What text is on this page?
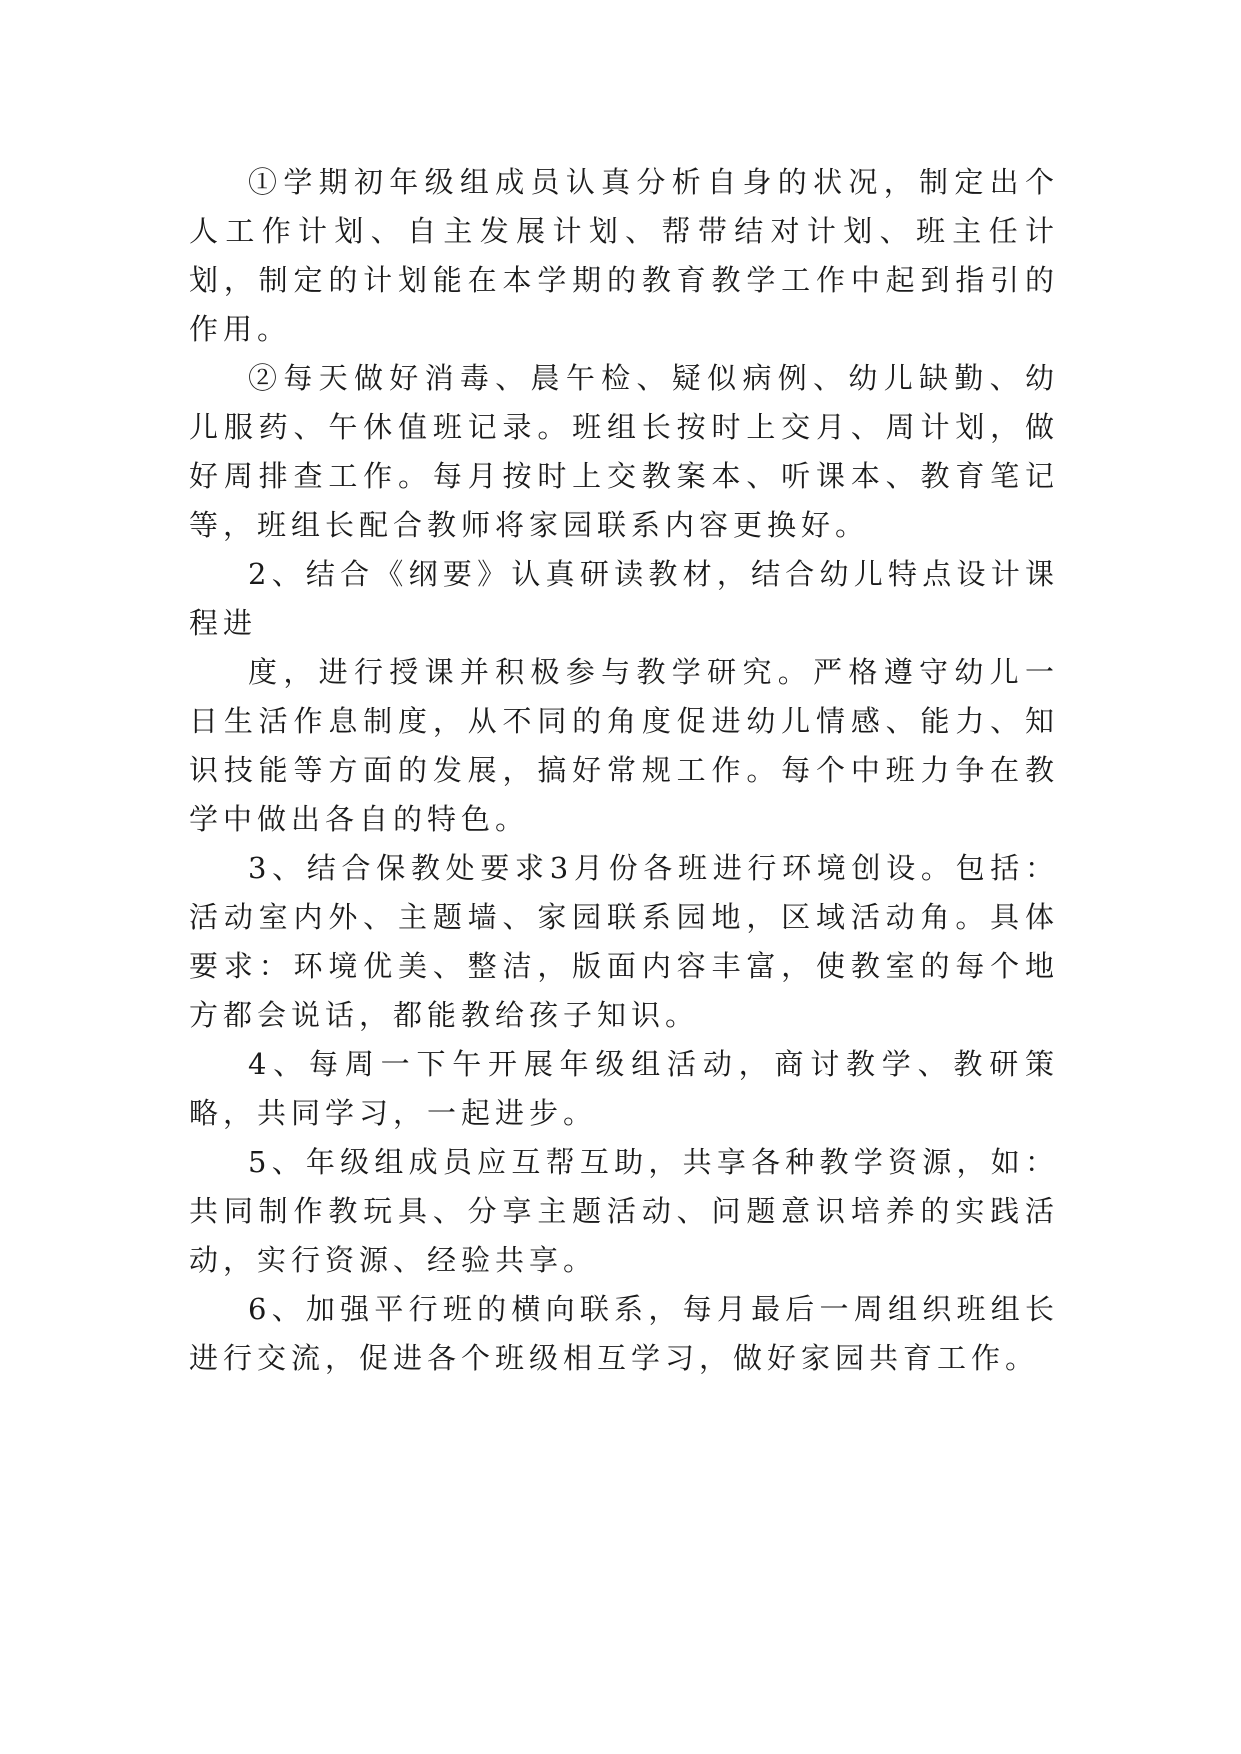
①学期初年级组成员认真分析自身的状况，制定出个人工作计划、自主发展计划、帮带结对计划、班主任计划，制定的计划能在本学期的教育教学工作中起到指引的作用。

②每天做好消毒、晨午检、疑似病例、幼儿缺勤、幼儿服药、午休值班记录。班组长按时上交月、周计划，做好周排查工作。每月按时上交教案本、听课本、教育笔记等，班组长配合教师将家园联系内容更换好。

2、结合《纲要》认真研读教材，结合幼儿特点设计课程进

度，进行授课并积极参与教学研究。严格遵守幼儿一日生活作息制度，从不同的角度促进幼儿情感、能力、知识技能等方面的发展，搞好常规工作。每个中班力争在教学中做出各自的特色。

3、结合保教处要求3月份各班进行环境创设。包括：活动室内外、主题墙、家园联系园地，区域活动角。具体要求：环境优美、整洁，版面内容丰富，使教室的每个地方都会说话，都能教给孩子知识。

4、每周一下午开展年级组活动，商讨教学、教研策略，共同学习，一起进步。

5、年级组成员应互帮互助，共享各种教学资源，如：共同制作教玩具、分享主题活动、问题意识培养的实践活动，实行资源、经验共享。

6、加强平行班的横向联系，每月最后一周组织班组长进行交流，促进各个班级相互学习，做好家园共育工作。
